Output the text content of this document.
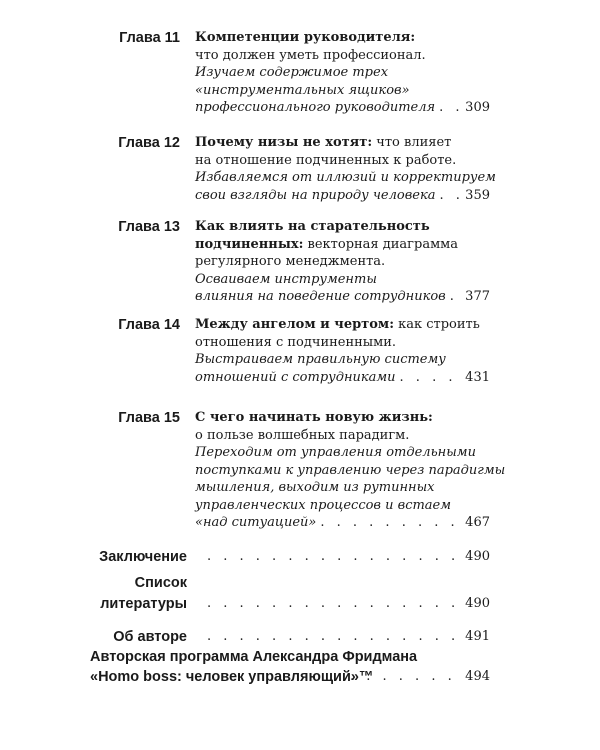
Глава 11 Компетенции руководителя:
что должен уметь профессионал.
Изучаем содержимое трех
«инструментальных ящиков»
профессионального руководителя . . . 309
Глава 12 Почему низы не хотят: что влияет
на отношение подчиненных к работе.
Избавляемся от иллюзий и корректируем
свои взгляды на природу человека . . . 359
Глава 13 Как влиять на старательность
подчиненных: векторная диаграмма
регулярного менеджмента.
Осваиваем инструменты
влияния на поведение сотрудников . . . 377
Глава 14 Между ангелом и чертом: как строить
отношения с подчиненными.
Выстраиваем правильную систему
отношений с сотрудниками . . .	431
Глава 15 С чего начинать новую жизнь:
о пользе волшебных парадигм.
Переходим от управления отдельными
поступками к управлению через парадигмы
мышления, выходим из рутинных
управленческих процессов и встаем
«над ситуацией» . . .	467
Заключение . . .	490
Список
литературы . . .	490
Об авторе . . .	491
Авторская программа Александра Фридмана
«Homo boss: человек управляющий»™ . . .	494
